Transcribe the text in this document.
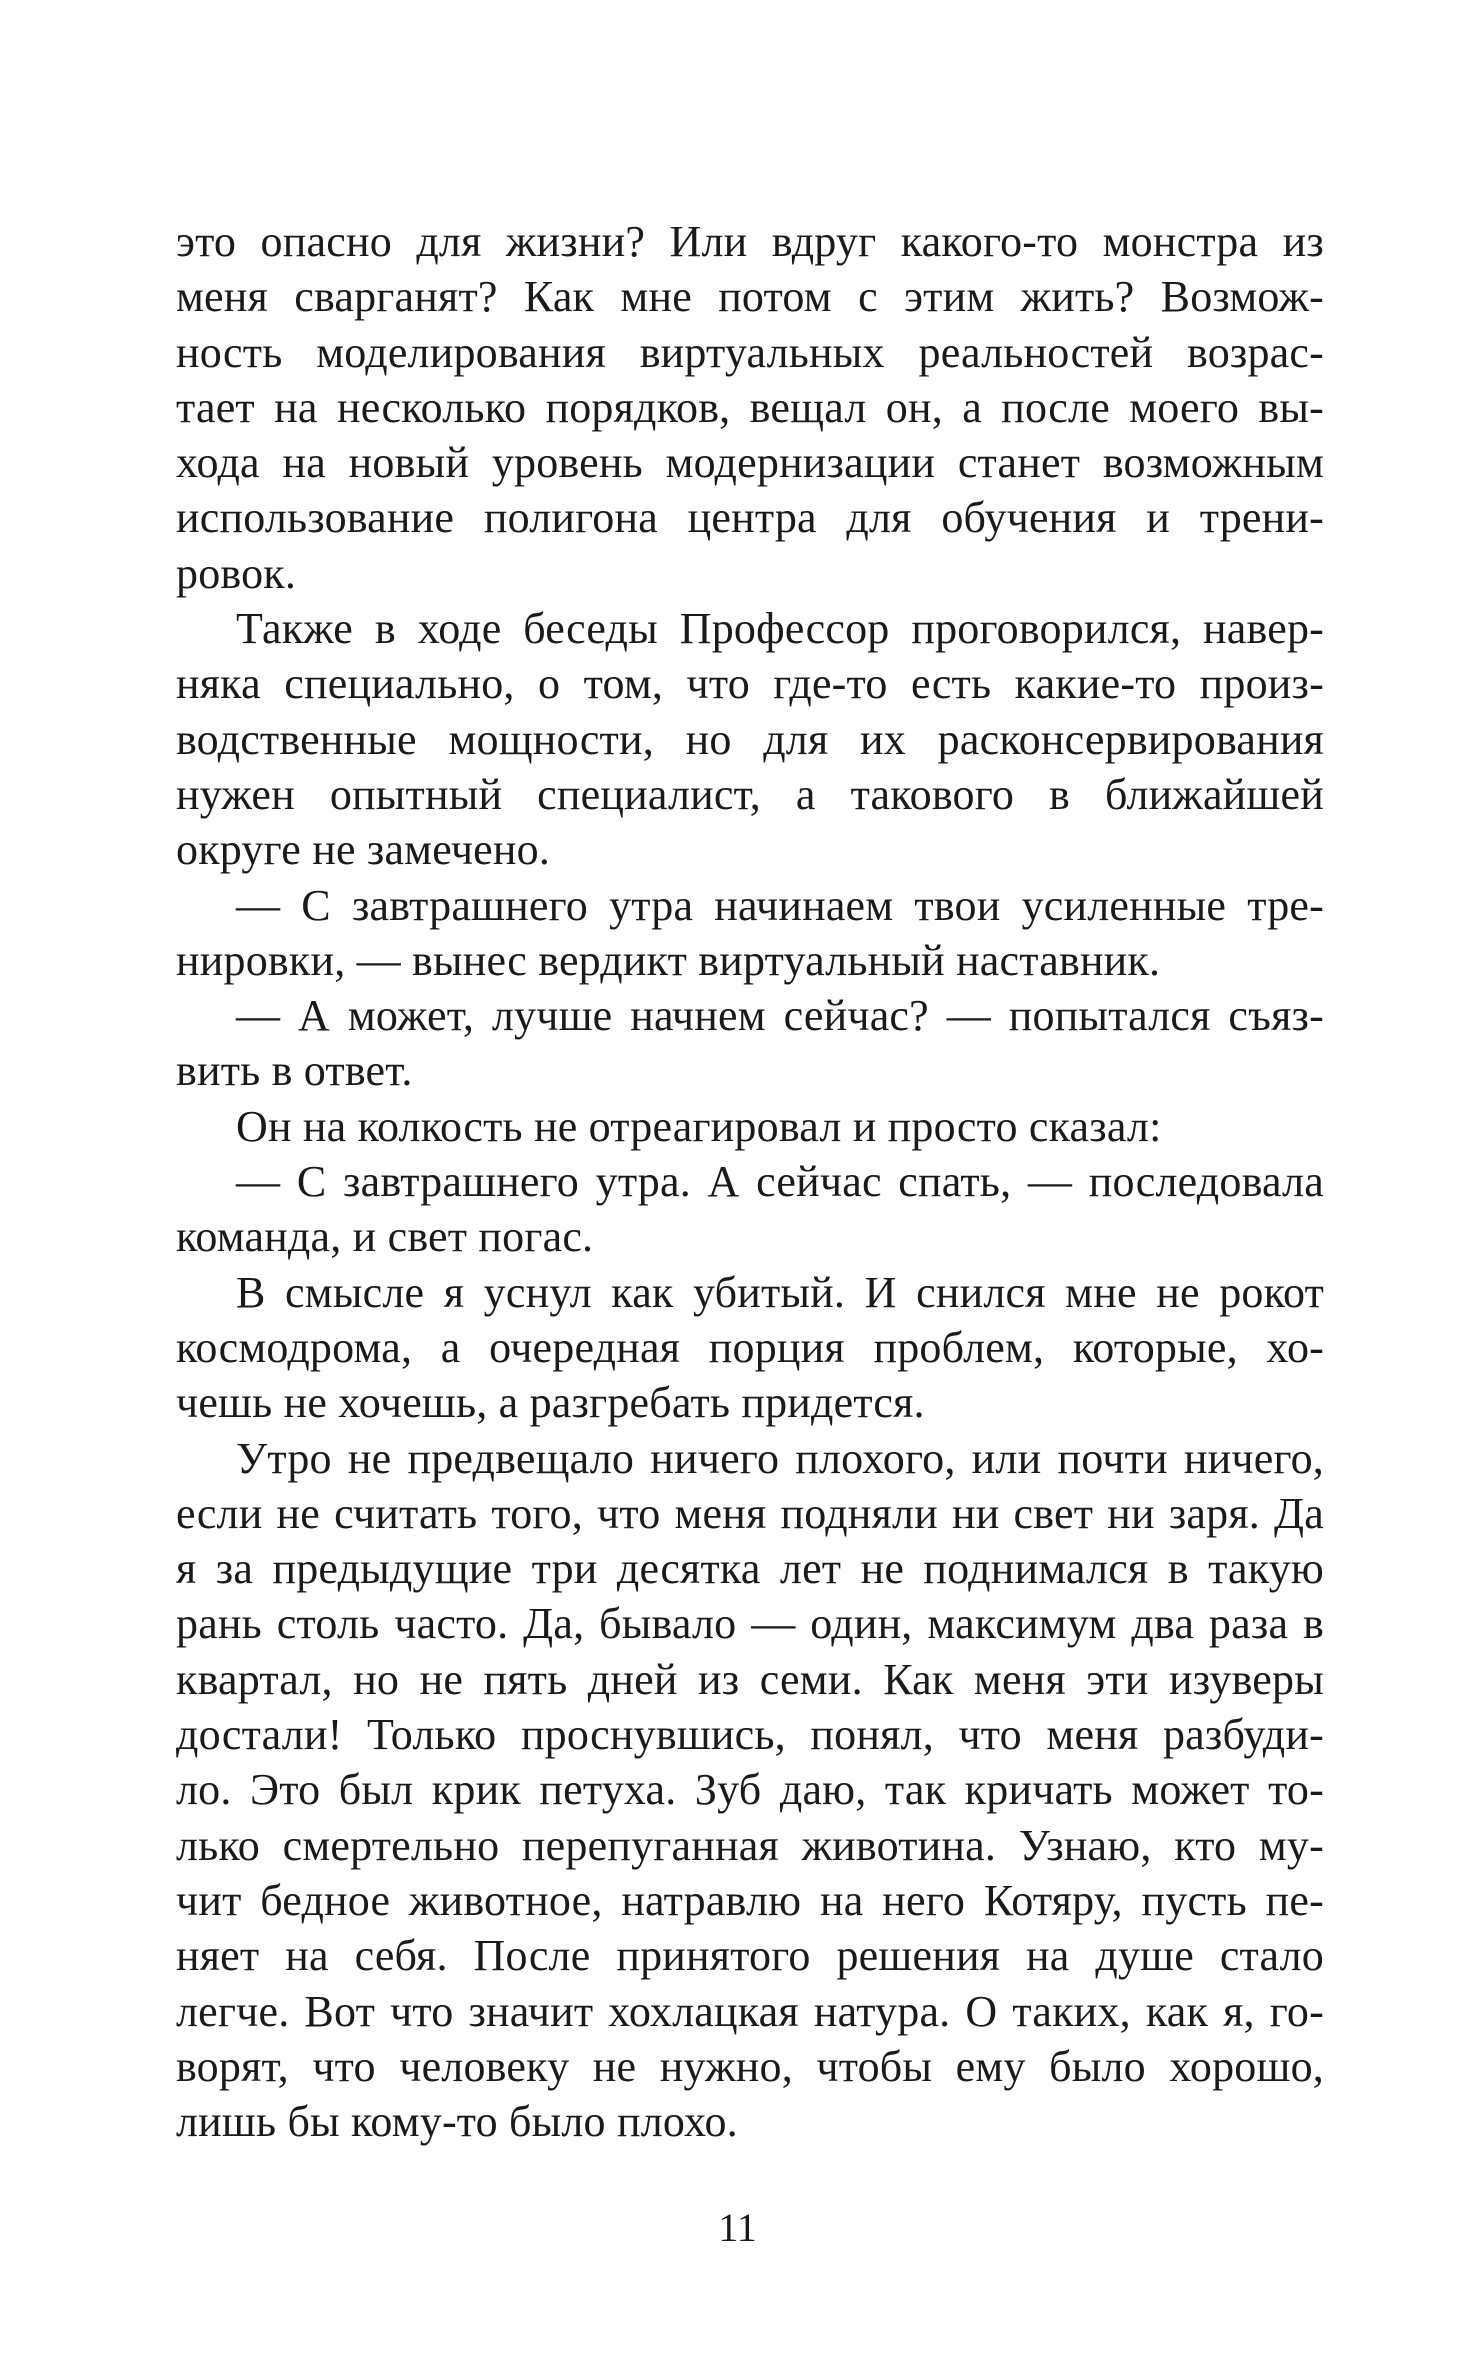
это опасно для жизни? Или вдруг какого-то монстра из
меня сварганят? Как мне потом с этим жить? Возмож-
ность моделирования виртуальных реальностей возрас-
тает на несколько порядков, вещал он, а после моего вы-
хода на новый уровень модернизации станет возможным
использование полигона центра для обучения и трени-
ровок.
Также в ходе беседы Профессор проговорился, навер-
няка специально, о том, что где-то есть какие-то произ-
водственные мощности, но для их расконсервирования
нужен опытный специалист, а такового в ближайшей
округе не замечено.
— С завтрашнего утра начинаем твои усиленные тре-
нировки, — вынес вердикт виртуальный наставник.
— А может, лучше начнем сейчас? — попытался съяз-
вить в ответ.
Он на колкость не отреагировал и просто сказал:
— С завтрашнего утра. А сейчас спать, — последовала
команда, и свет погас.
В смысле я уснул как убитый. И снился мне не рокот
космодрома, а очередная порция проблем, которые, хо-
чешь не хочешь, а разгребать придется.
Утро не предвещало ничего плохого, или почти ничего,
если не считать того, что меня подняли ни свет ни заря. Да
я за предыдущие три десятка лет не поднимался в такую
рань столь часто. Да, бывало — один, максимум два раза в
квартал, но не пять дней из семи. Как меня эти изуверы
достали! Только проснувшись, понял, что меня разбуди-
ло. Это был крик петуха. Зуб даю, так кричать может то-
лько смертельно перепуганная животина. Узнаю, кто му-
чит бедное животное, натравлю на него Котяру, пусть пе-
няет на себя. После принятого решения на душе стало
легче. Вот что значит хохлацкая натура. О таких, как я, го-
ворят, что человеку не нужно, чтобы ему было хорошо,
лишь бы кому-то было плохо.
11
